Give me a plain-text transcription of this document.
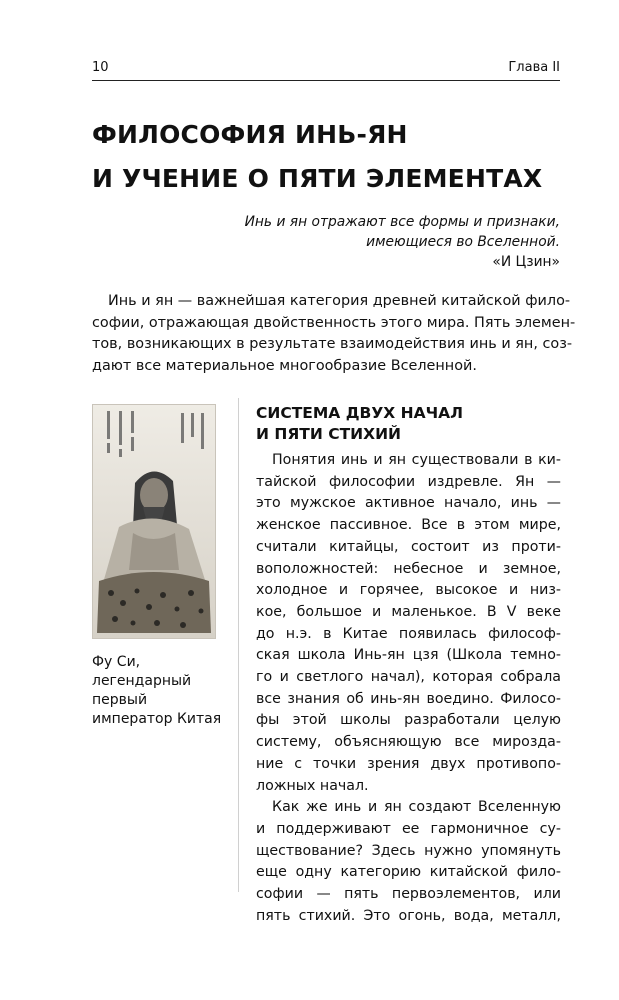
10	Глава II
ФИЛОСОФИЯ ИНЬ-ЯН
И УЧЕНИЕ О ПЯТИ ЭЛЕМЕНТАХ
Инь и ян отражают все формы и признаки,
имеющиеся во Вселенной.
«И Цзин»
Инь и ян — важнейшая категория древней китайской фило-
софии, отражающая двойственность этого мира. Пять элемен-
тов, возникающих в результате взаимодействия инь и ян, соз-
дают все материальное многообразие Вселенной.
Фу Си,
легендарный
первый
император Китая
СИСТЕМА ДВУХ НАЧАЛ
И ПЯТИ СТИХИЙ
Понятия инь и ян существовали в ки-
тайской философии издревле. Ян —
это мужское активное начало, инь —
женское пассивное. Все в этом мире,
считали китайцы, состоит из проти-
воположностей: небесное и земное,
холодное и горячее, высокое и низ-
кое, большое и маленькое. В V веке
до н.э. в Китае появилась философ-
ская школа Инь-ян цзя (Школа темно-
го и светлого начал), которая собрала
все знания об инь-ян воедино. Филосо-
фы этой школы разработали целую
систему, объясняющую все мирозда-
ние с точки зрения двух противопо-
ложных начал.
Как же инь и ян создают Вселенную
и поддерживают ее гармоничное су-
ществование? Здесь нужно упомянуть
еще одну категорию китайской фило-
софии — пять первоэлементов, или
пять стихий. Это огонь, вода, металл,
